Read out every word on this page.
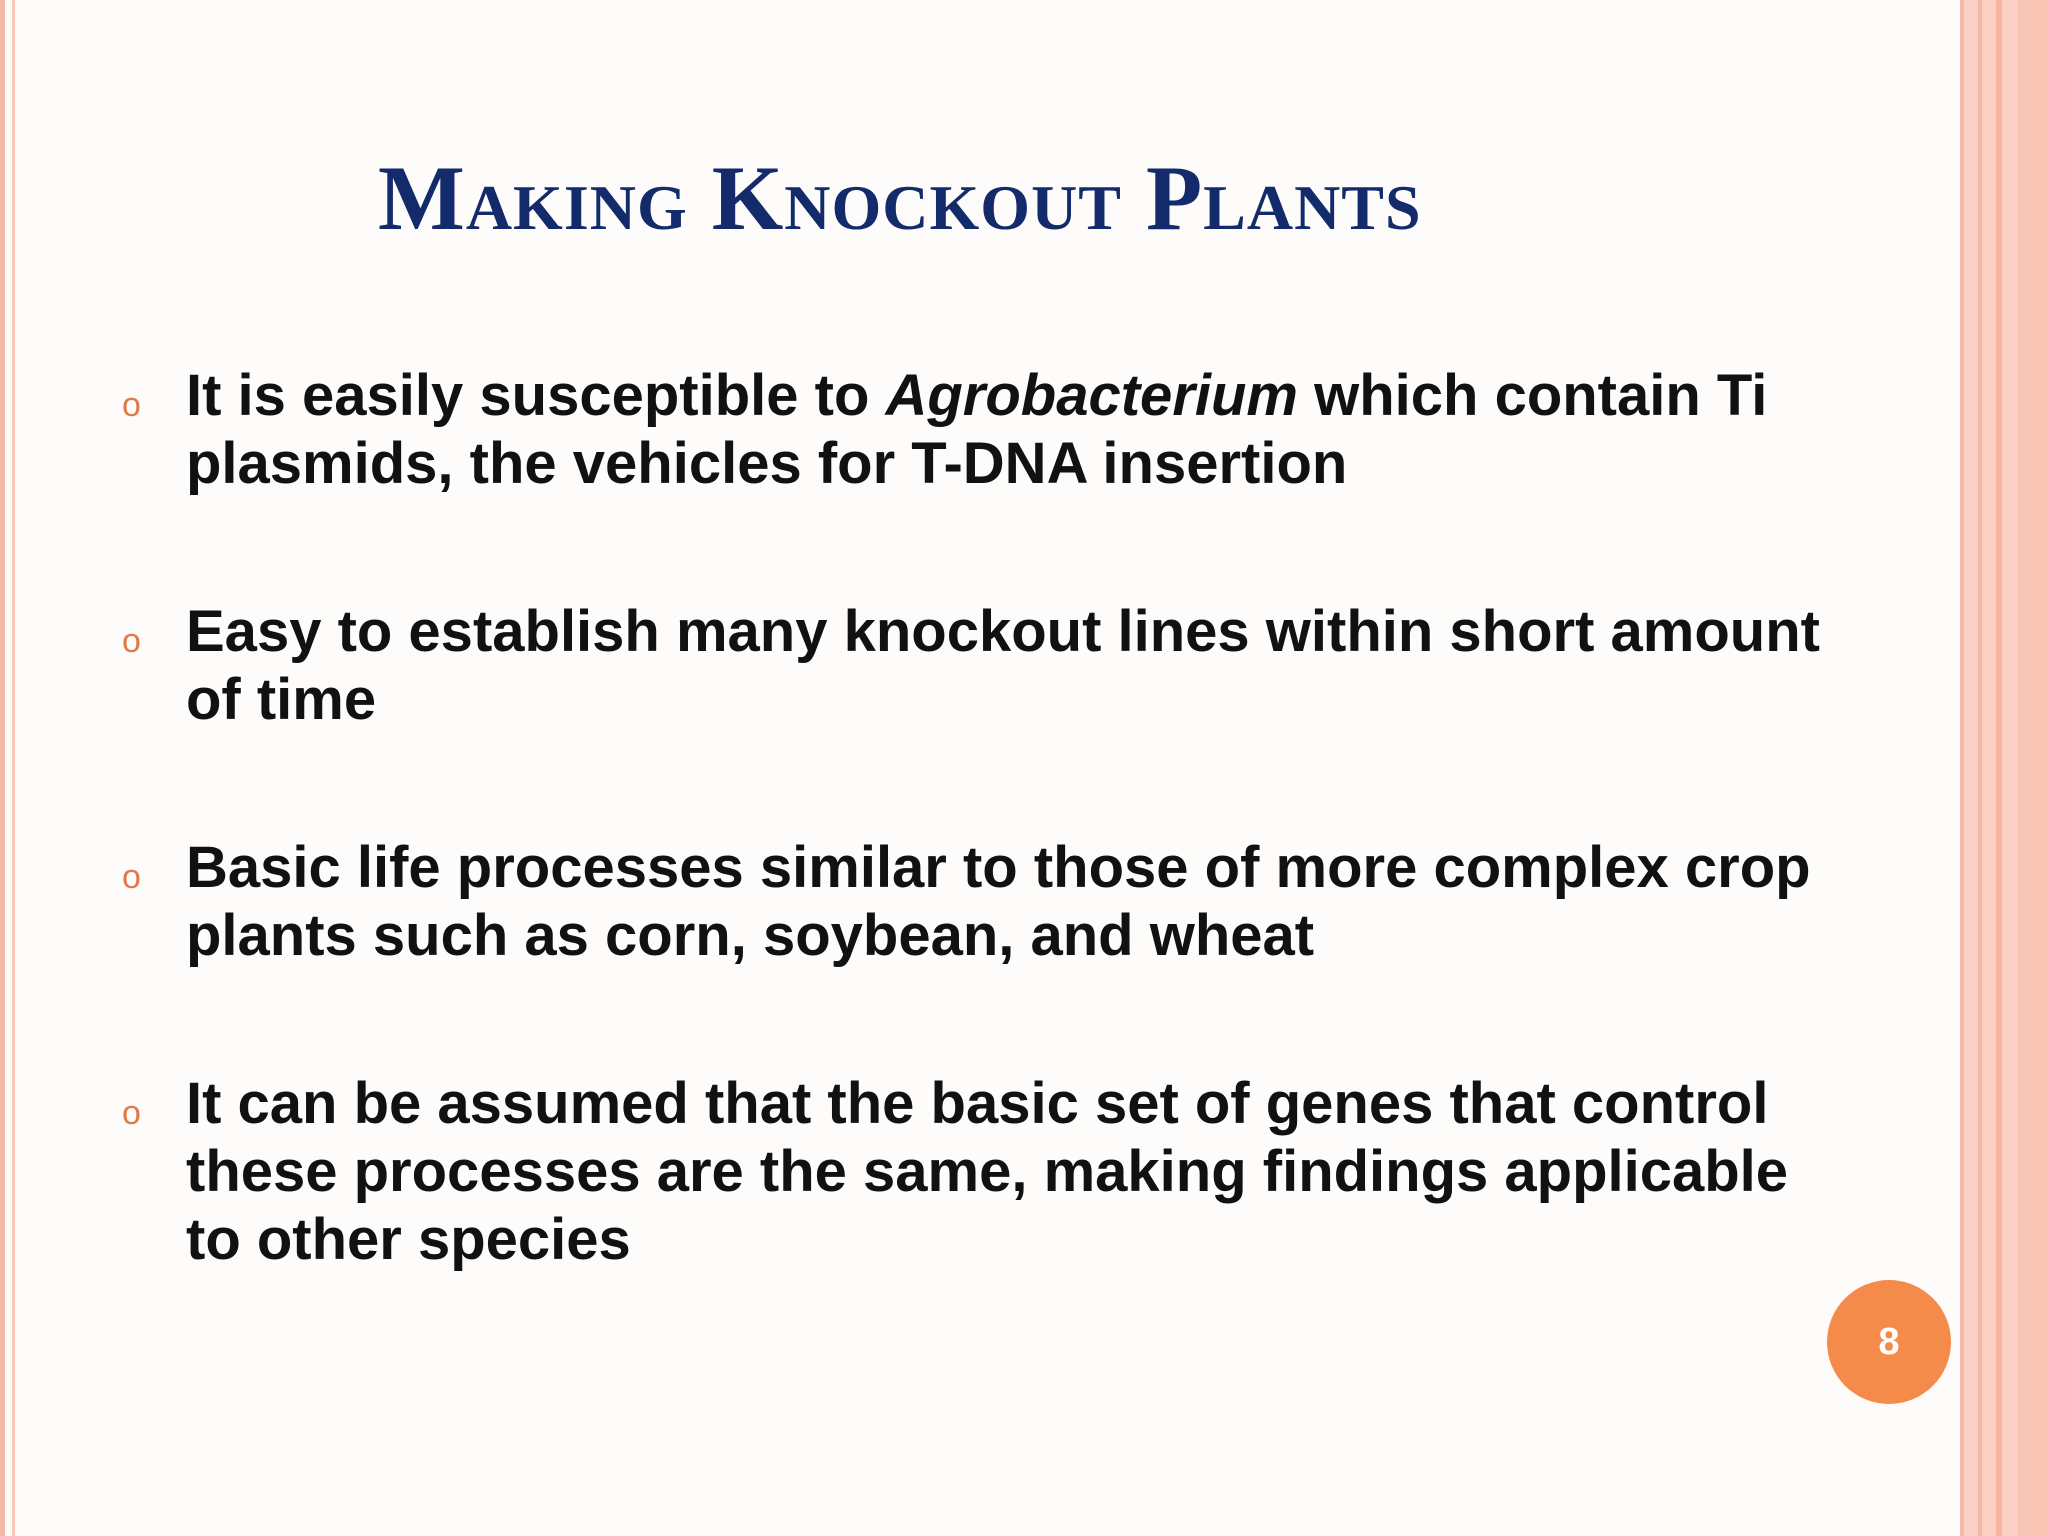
Making Knockout Plants
o It is easily susceptible to Agrobacterium which contain Ti plasmids, the vehicles for T-DNA insertion
o Easy to establish many knockout lines within short amount of time
o Basic life processes similar to those of more complex crop plants such as corn, soybean, and wheat
o It can be assumed that the basic set of genes that control these processes are the same, making findings applicable to other species
8
